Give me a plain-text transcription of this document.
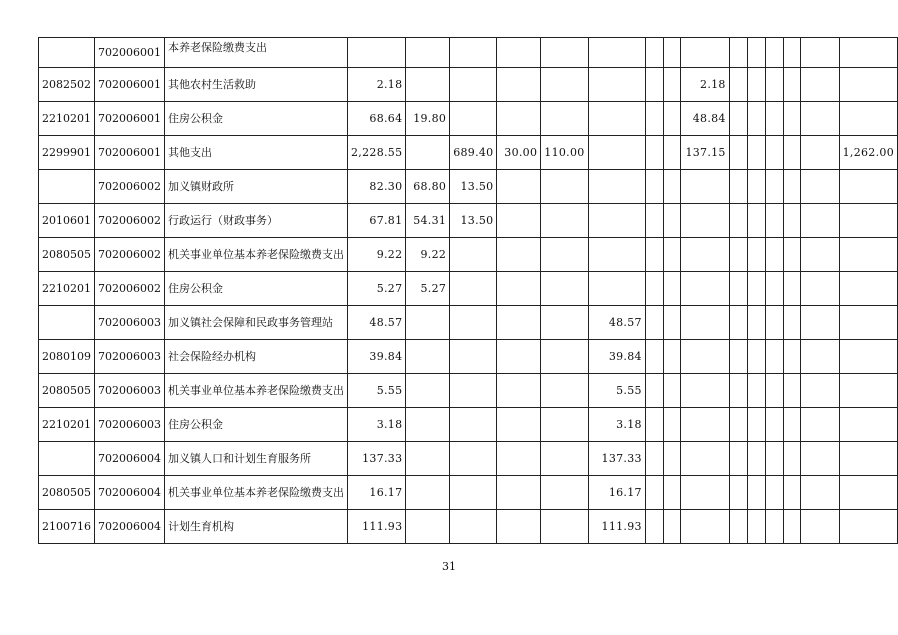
	702006001	本养老保险缴费支出															
2082502	702006001	其他农村生活救助	2.18								2.18						
2210201	702006001	住房公积金	68.64	19.80							48.84						
2299901	702006001	其他支出	2,228.55		689.40	30.00	110.00				137.15						1,262.00
	702006002	加义镇财政所	82.30	68.80	13.50												
2010601	702006002	行政运行（财政事务）	67.81	54.31	13.50												
2080505	702006002	机关事业单位基本养老保险缴费支出	9.22	9.22													
2210201	702006002	住房公积金	5.27	5.27													
	702006003	加义镇社会保障和民政事务管理站	48.57					48.57									
2080109	702006003	社会保险经办机构	39.84					39.84									
2080505	702006003	机关事业单位基本养老保险缴费支出	5.55					5.55									
2210201	702006003	住房公积金	3.18					3.18									
	702006004	加义镇人口和计划生育服务所	137.33					137.33									
2080505	702006004	机关事业单位基本养老保险缴费支出	16.17					16.17									
2100716	702006004	计划生育机构	111.93					111.93									
31
